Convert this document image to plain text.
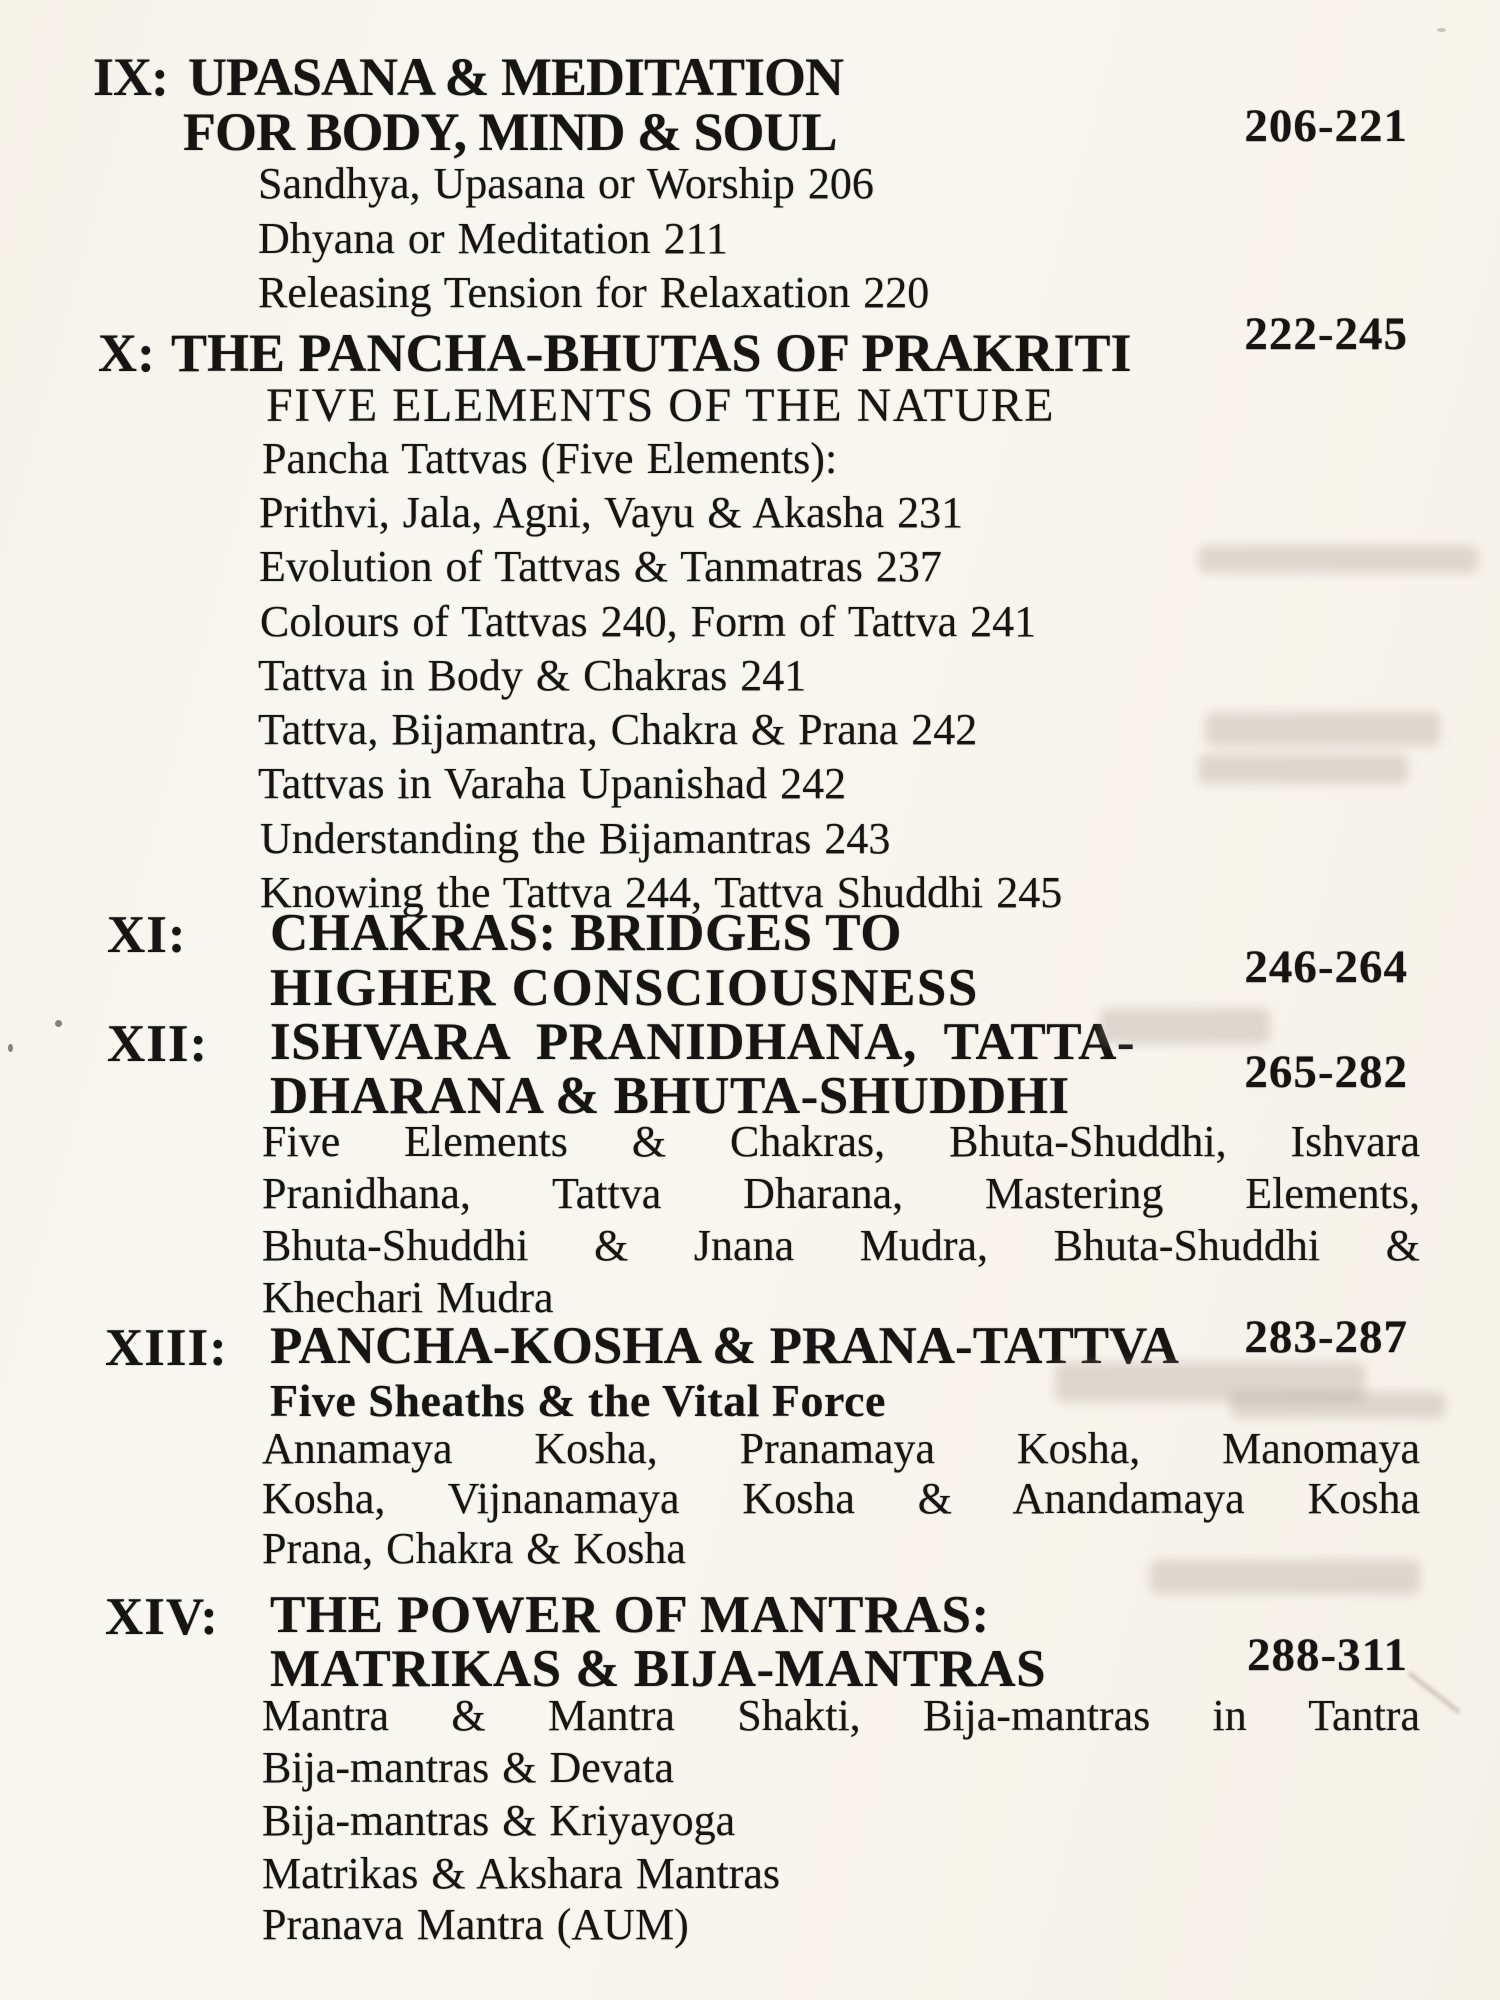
IX: UPASANA & MEDITATION
FOR BODY, MIND & SOUL	206-221
Sandhya, Upasana or Worship 206
Dhyana or Meditation 211
Releasing Tension for Relaxation 220
X: THE PANCHA-BHUTAS OF PRAKRITI 222-245
FIVE ELEMENTS OF THE NATURE
Pancha Tattvas (Five Elements):
Prithvi, Jala, Agni, Vayu & Akasha 231
Evolution of Tattvas & Tanmatras 237
Colours of Tattvas 240, Form of Tattva 241
Tattva in Body & Chakras 241
Tattva, Bijamantra, Chakra & Prana 242
Tattvas in Varaha Upanishad 242
Understanding the Bijamantras 243
Knowing the Tattva 244, Tattva Shuddhi 245
XI: CHAKRAS: BRIDGES TO
HIGHER CONSCIOUSNESS	246-264
XII: ISHVARA PRANIDHANA, TATTA-
DHARANA & BHUTA-SHUDDHI	265-282
Five Elements & Chakras, Bhuta-Shuddhi, Ishvara
Pranidhana, Tattva Dharana, Mastering Elements,
Bhuta-Shuddhi & Jnana Mudra, Bhuta-Shuddhi &
Khechari Mudra
XIII: PANCHA-KOSHA & PRANA-TATTVA 283-287
Five Sheaths & the Vital Force
Annamaya Kosha, Pranamaya Kosha, Manomaya
Kosha, Vijnanamaya Kosha & Anandamaya Kosha
Prana, Chakra & Kosha
XIV: THE POWER OF MANTRAS:
MATRIKAS & BIJA-MANTRAS	288-311
Mantra & Mantra Shakti, Bija-mantras in Tantra
Bija-mantras & Devata
Bija-mantras & Kriyayoga
Matrikas & Akshara Mantras
Pranava Mantra (AUM)
